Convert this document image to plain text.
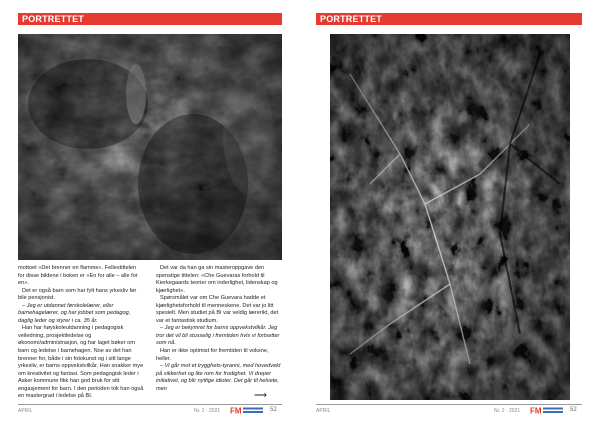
PORTRETTET

mottoet «Det brenner en flamme». Fellestittelen for disse bildene i boken er «En for alle – alle for en».

Det er også barn som har fylt hans yrkesliv før bile pensjonist.

– Jeg er utdannet førskolelærer, eller barnehagelærer, og har jobbet som pedagog, daglig leder og styrer i ca. 35 år.

Han har høyskoleutdanning i pedagogisk veiledning, prosjektledelse og økonomi/administrasjon, og har laget bøker om barn og ledelse i barnehagen. Noe av det han brenner for, både i sin fotokunst og i sitt lange yrkesliv, er barns oppvekstvilkår. Han snakker mye om kreativitet og fantasi. Som pedagogisk leder i Asker kommune fikk han god bruk for sitt engasjement for barn. I den perioden tok han også en mastergrad i ledelse på BI.

Det var da han ga sin masteroppgave den spenstige tittelen: «Che Guevaras forhold til Kierkegaards teorier om inderlighet, lidenskap og kjærlighet».

Spørsmålet var om Che Guevara hadde et kjærlighetsforhold til menneskene. Det var jo litt spesielt. Men studiet på BI var veldig lærerikt, det var et fantastisk studium.

– Jeg er bekymret for barns oppvekstvilkår. Jeg tror det vil bli stusselig i fremtiden hvis vi fortsetter som nå.

Han er ikke optimist for fremtiden til voksne, heller.

– Vi går mot et trygghets-tyranni, med hovedvekt på sikkerhet og lite rom for frodighet. Vi dreper initiativet, og blir nyttige idioter. Det går til helvete, men

⟶
APRIL	Nr. 2 · 2021 FM	52
PORTRETTET
APRIL	Nr. 2 · 2021 FM	52
